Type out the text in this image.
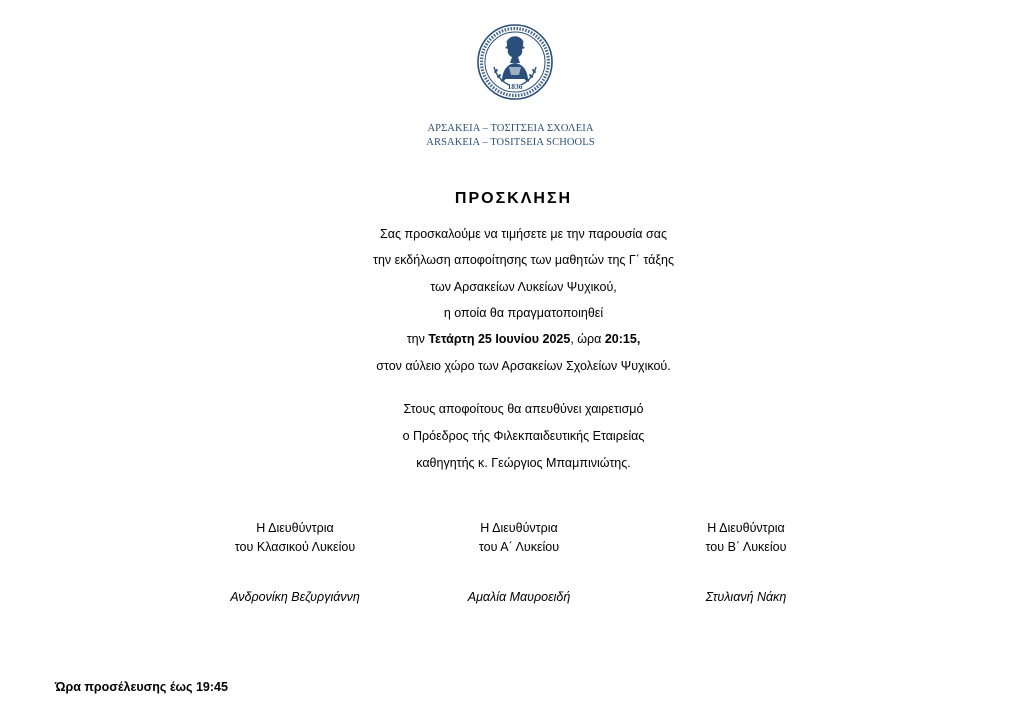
1836
ΑΡΣΑΚΕΙΑ – ΤΟΣΙΤΣΕΙΑ ΣΧΟΛΕΙΑ
ARSAKEIA – TOSITSEIA SCHOOLS
ΠΡΟΣΚΛΗΣΗ
Σας προσκαλούμε να τιμήσετε με την παρουσία σας
την εκδήλωση αποφοίτησης των μαθητών της Γ΄ τάξης
των Αρσακείων Λυκείων Ψυχικού,
η οποία θα πραγματοποιηθεί
την Τετάρτη 25 Ιουνίου 2025, ώρα 20:15,
στον αύλειο χώρο των Αρσακείων Σχολείων Ψυχικού.
Στους αποφοίτους θα απευθύνει χαιρετισμό
ο Πρόεδρος τής Φιλεκπαιδευτικής Εταιρείας
καθηγητής κ. Γεώργιος Μπαμπινιώτης.
Η Διευθύντρια
του Κλασικού Λυκείου
Ανδρονίκη Βεζυργιάννη
Η Διευθύντρια
του Α΄ Λυκείου
Αμαλία Μαυροειδή
Η Διευθύντρια
του Β΄ Λυκείου
Στυλιανή Νάκη
Ώρα προσέλευσης έως 19:45
